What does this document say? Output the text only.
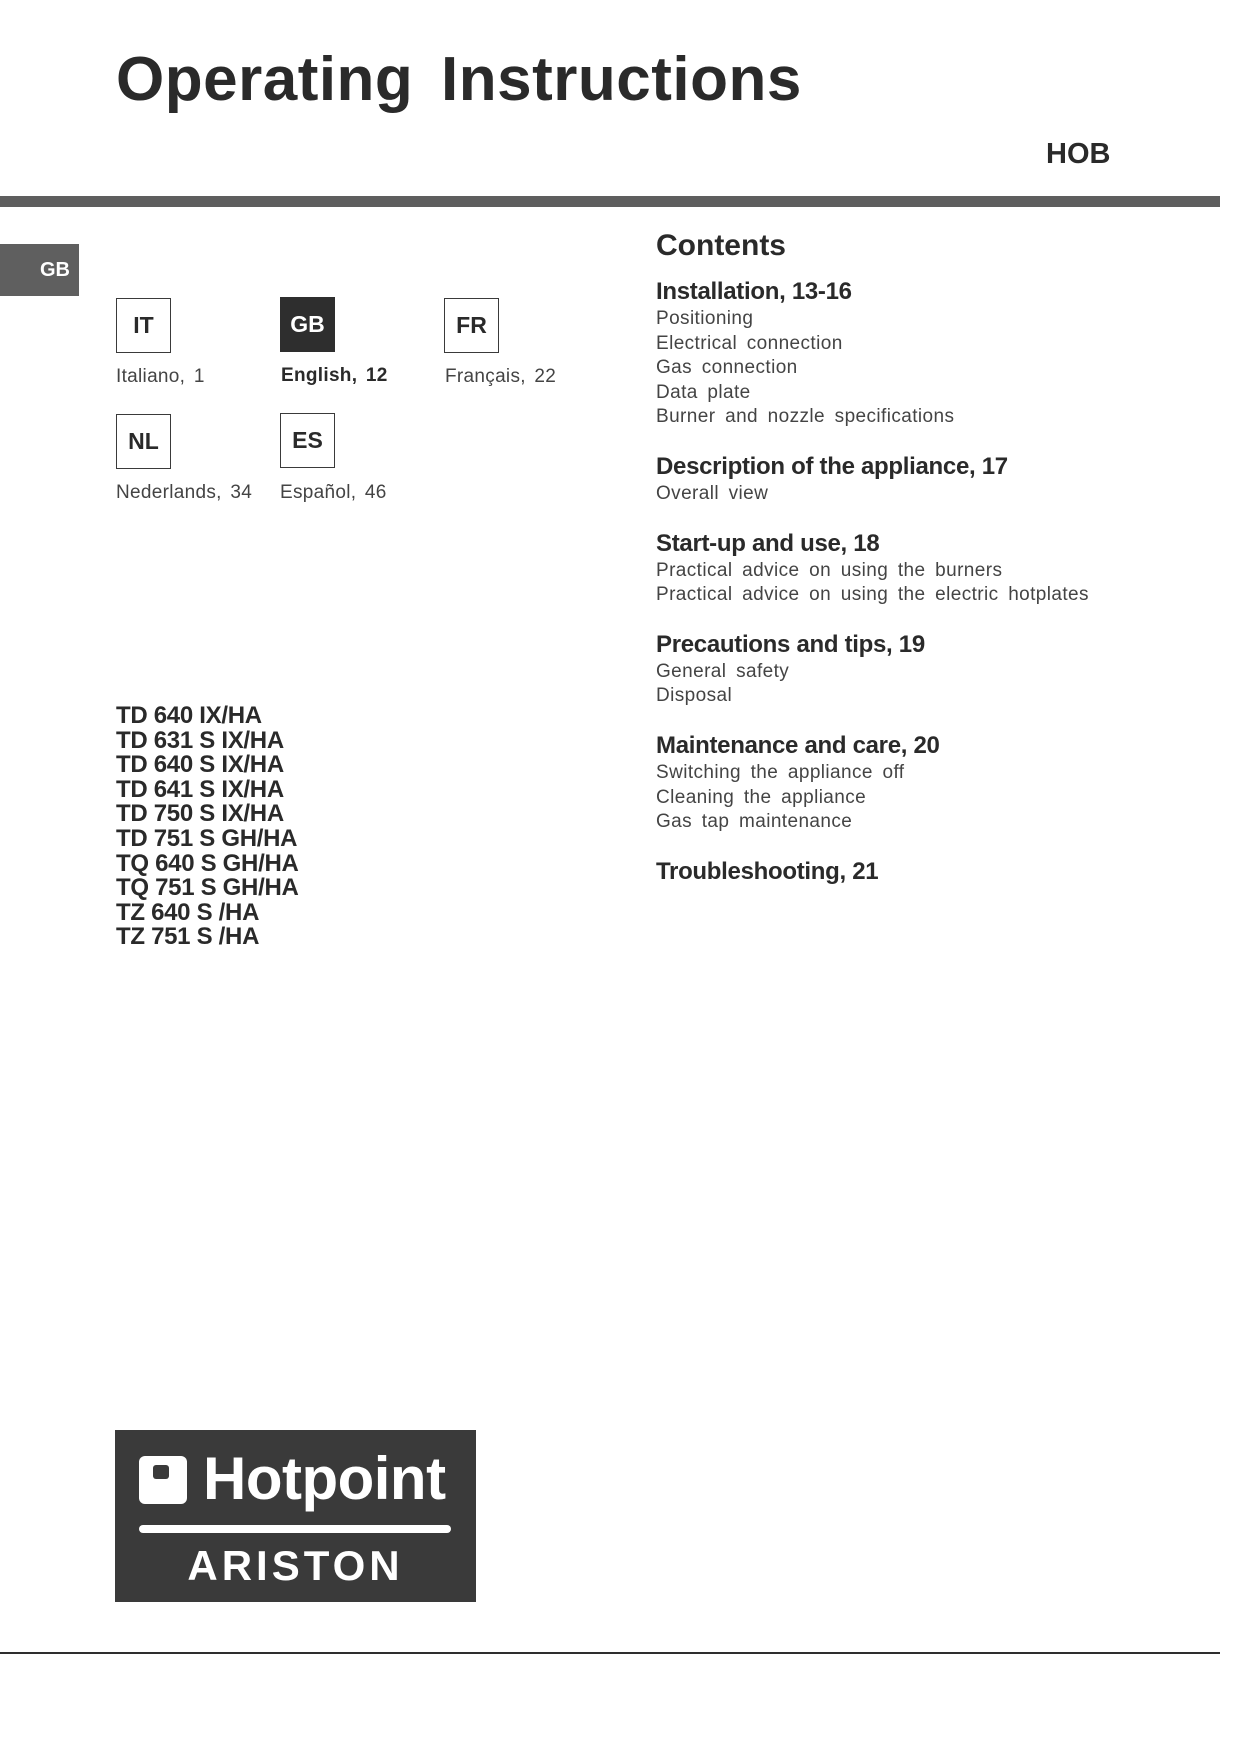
Operating Instructions
HOB
GB
IT
Italiano, 1
GB
English, 12
FR
Français, 22
NL
Nederlands, 34
ES
Español, 46
TD 640 IX/HA
TD 631 S IX/HA
TD 640 S IX/HA
TD 641 S IX/HA
TD 750 S IX/HA
TD 751 S GH/HA
TQ 640 S GH/HA
TQ 751 S GH/HA
TZ 640 S /HA
TZ 751 S /HA
Contents
Installation, 13-16
Positioning
Electrical connection
Gas connection
Data plate
Burner and nozzle specifications
Description of the appliance, 17
Overall view
Start-up and use, 18
Practical advice on using the burners
Practical advice on using the electric hotplates
Precautions and tips, 19
General safety
Disposal
Maintenance and care, 20
Switching the appliance off
Cleaning the appliance
Gas tap maintenance
Troubleshooting, 21
Hotpoint
ARISTON
